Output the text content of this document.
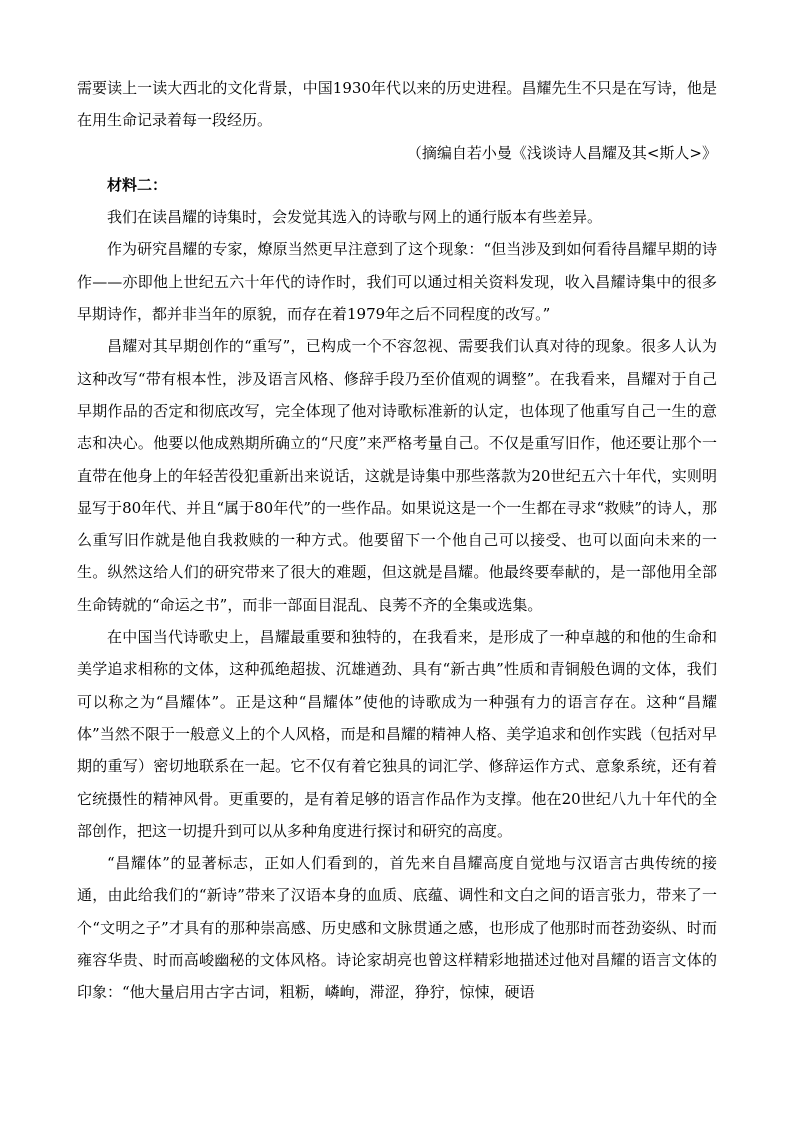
需要读上一读大西北的文化背景，中国1930年代以来的历史进程。昌耀先生不只是在写诗，他是在用生命记录着每一段经历。

（摘编自若小曼《浅谈诗人昌耀及其<斯人>》

材料二：

我们在读昌耀的诗集时，会发觉其选入的诗歌与网上的通行版本有些差异。

作为研究昌耀的专家，燎原当然更早注意到了这个现象：“但当涉及到如何看待昌耀早期的诗作——亦即他上世纪五六十年代的诗作时，我们可以通过相关资料发现，收入昌耀诗集中的很多早期诗作，都并非当年的原貌，而存在着1979年之后不同程度的改写。”

昌耀对其早期创作的“重写”，已构成一个不容忽视、需要我们认真对待的现象。很多人认为这种改写“带有根本性，涉及语言风格、修辞手段乃至价值观的调整”。在我看来，昌耀对于自己早期作品的否定和彻底改写，完全体现了他对诗歌标准新的认定，也体现了他重写自己一生的意志和决心。他要以他成熟期所确立的“尺度”来严格考量自己。不仅是重写旧作，他还要让那个一直带在他身上的年轻苦役犯重新出来说话，这就是诗集中那些落款为20世纪五六十年代，实则明显写于80年代、并且“属于80年代”的一些作品。如果说这是一个一生都在寻求“救赎”的诗人，那么重写旧作就是他自我救赎的一种方式。他要留下一个他自己可以接受、也可以面向未来的一生。纵然这给人们的研究带来了很大的难题，但这就是昌耀。他最终要奉献的，是一部他用全部生命铸就的“命运之书”，而非一部面目混乱、良莠不齐的全集或选集。

在中国当代诗歌史上，昌耀最重要和独特的，在我看来，是形成了一种卓越的和他的生命和美学追求相称的文体，这种孤绝超拔、沉雄遒劲、具有“新古典”性质和青铜般色调的文体，我们可以称之为“昌耀体”。正是这种“昌耀体”使他的诗歌成为一种强有力的语言存在。这种“昌耀体”当然不限于一般意义上的个人风格，而是和昌耀的精神人格、美学追求和创作实践（包括对早期的重写）密切地联系在一起。它不仅有着它独具的词汇学、修辞运作方式、意象系统，还有着它统摄性的精神风骨。更重要的，是有着足够的语言作品作为支撑。他在20世纪八九十年代的全部创作，把这一切提升到可以从多种角度进行探讨和研究的高度。

“昌耀体”的显著标志，正如人们看到的，首先来自昌耀高度自觉地与汉语言古典传统的接通，由此给我们的“新诗”带来了汉语本身的血质、底蕴、调性和文白之间的语言张力，带来了一个“文明之子”才具有的那种崇高感、历史感和文脉贯通之感，也形成了他那时而苍劲姿纵、时而雍容华贵、时而高峻幽秘的文体风格。诗论家胡亮也曾这样精彩地描述过他对昌耀的语言文体的印象：“他大量启用古字古词，粗粝，嶙峋，滞涩，狰狞，惊悚，硬语
